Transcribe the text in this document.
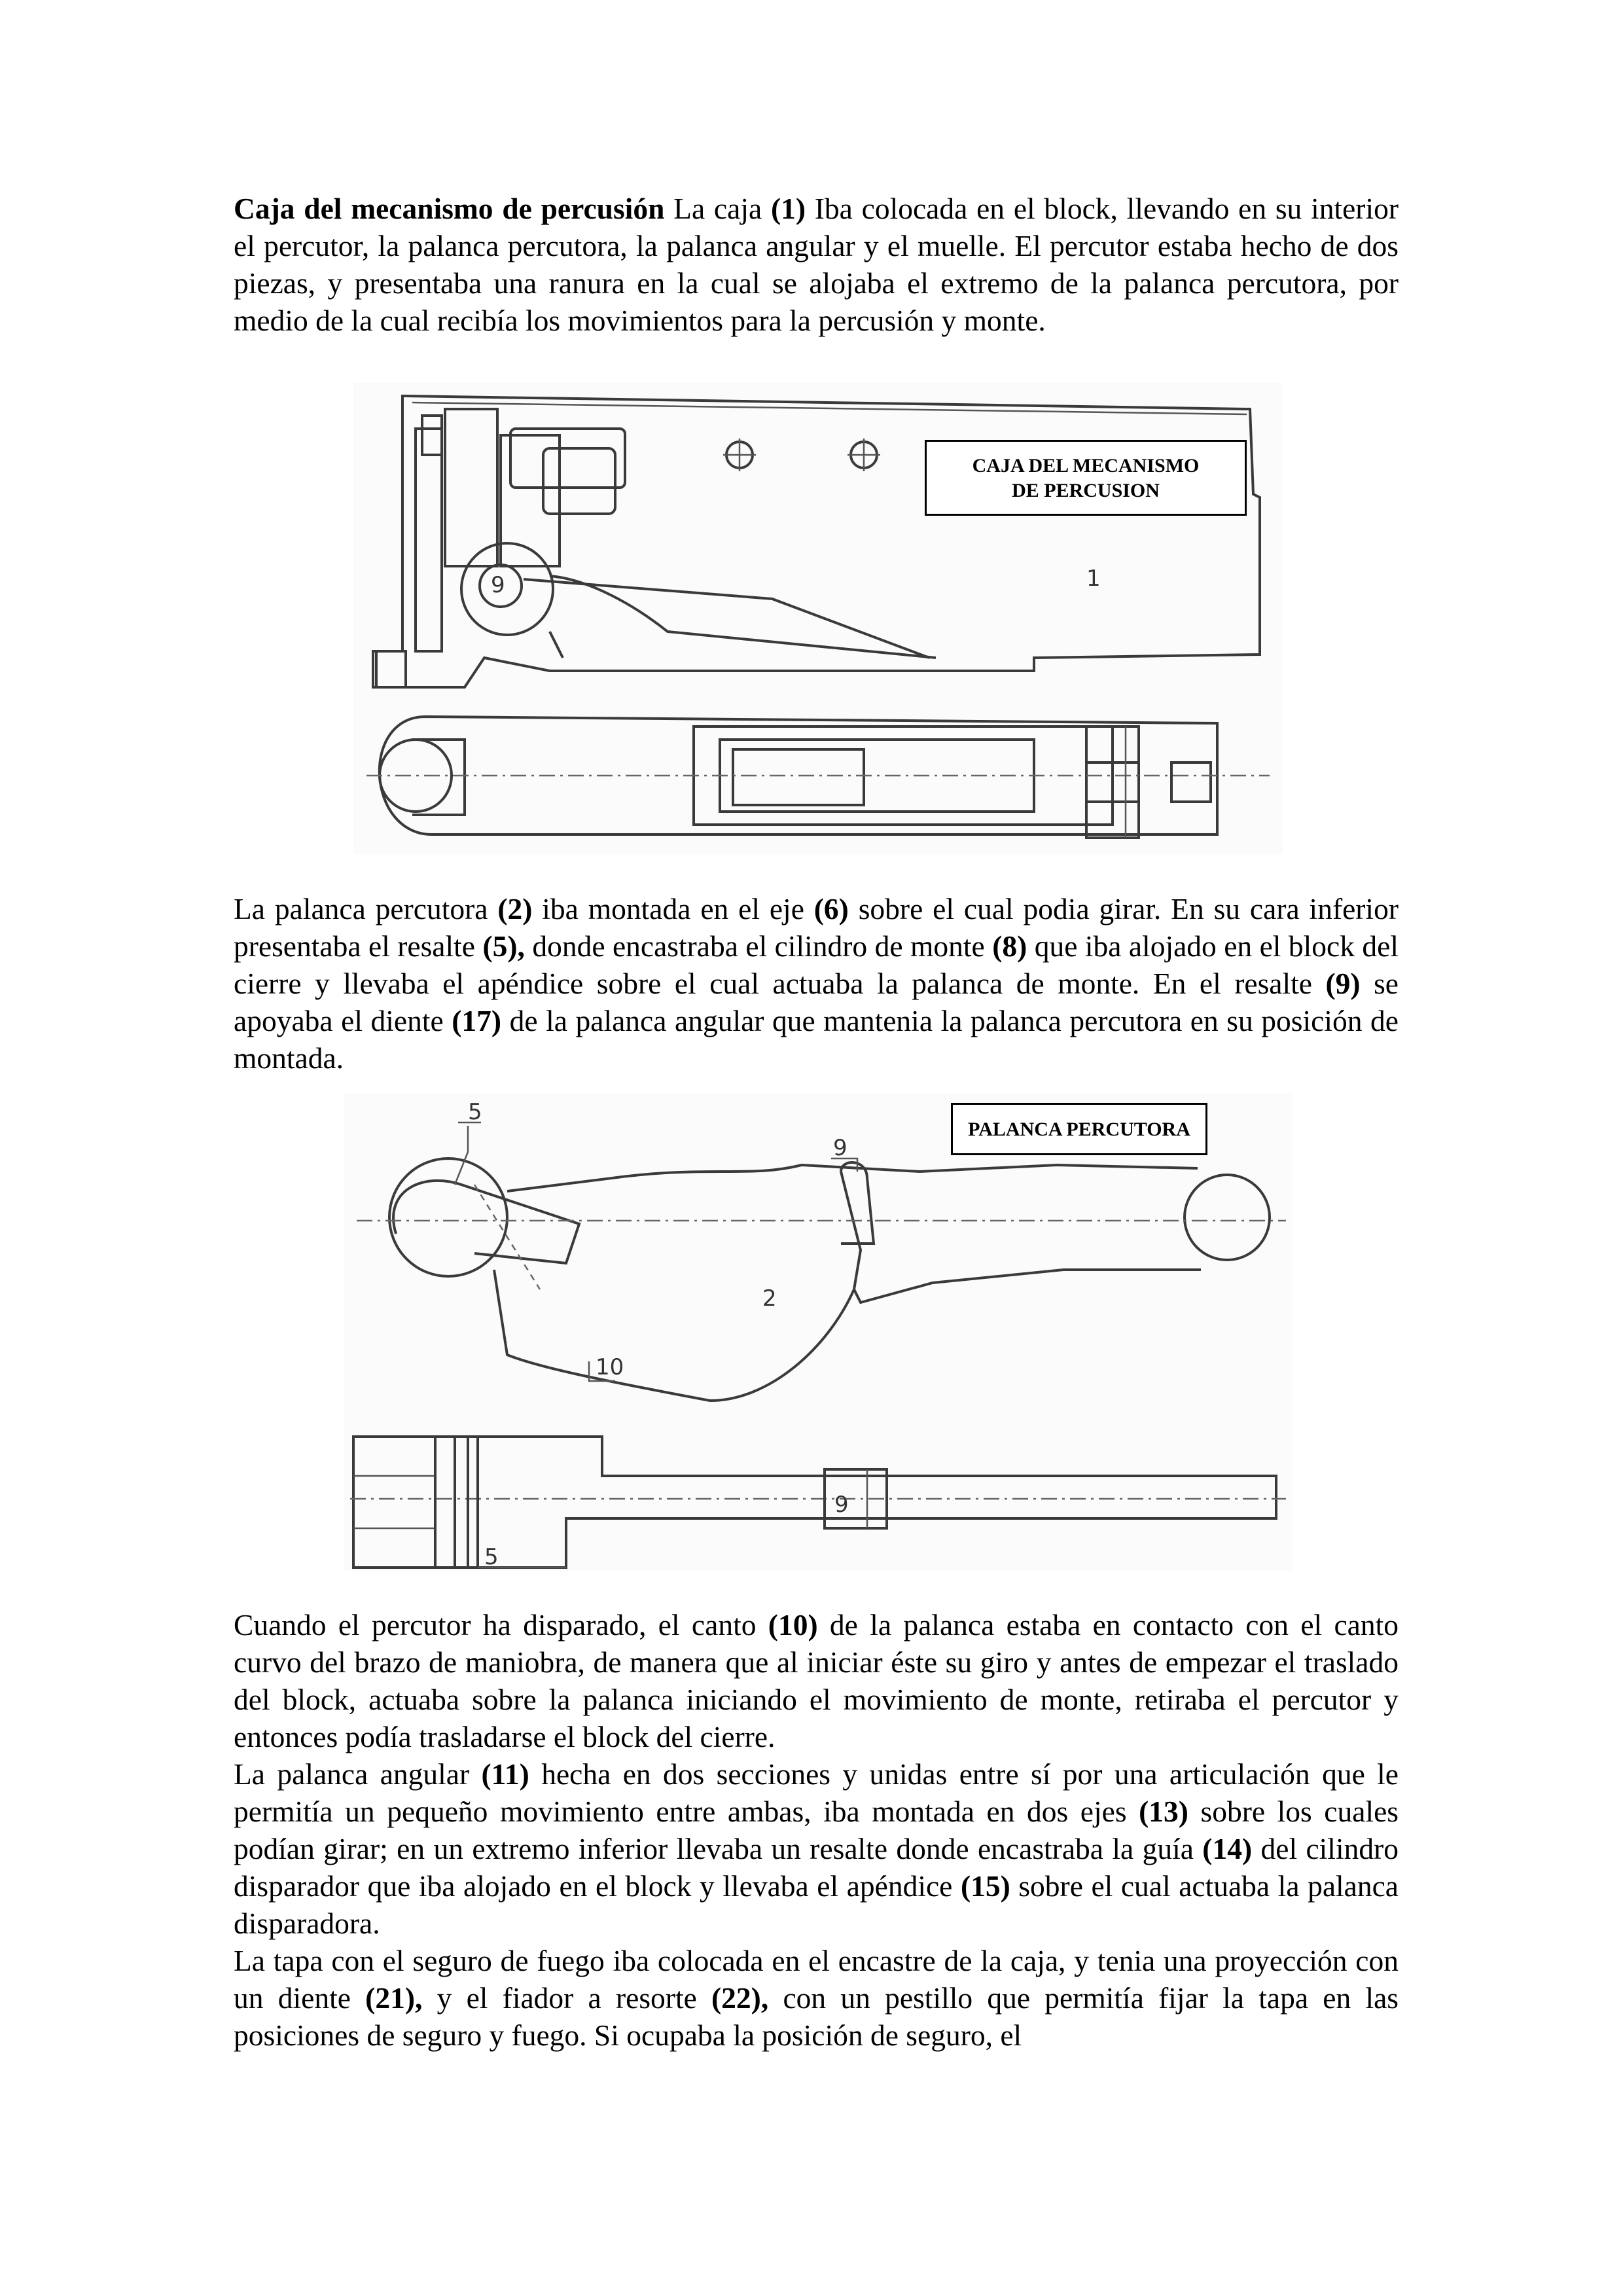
Caja del mecanismo de percusión La caja (1) Iba colocada en el block, llevando en su interior el percutor, la palanca percutora, la palanca angular y el muelle. El percutor estaba hecho de dos piezas, y presentaba una ranura en la cual se alojaba el extremo de la palanca percutora, por medio de la cual recibía los movimientos para la percusión y monte.

9	1
CAJA DEL MECANISMO
DE PERCUSION

La palanca percutora (2) iba montada en el eje (6) sobre el cual podia girar. En su cara inferior presentaba el resalte (5), donde encastraba el cilindro de monte (8) que iba alojado en el block del cierre y llevaba el apéndice sobre el cual actuaba la palanca de monte. En el resalte (9) se apoyaba el diente (17) de la palanca angular que mantenia la palanca percutora en su posición de montada.

5
9
2
10
9
5
PALANCA PERCUTORA

Cuando el percutor ha disparado, el canto (10) de la palanca estaba en contacto con el canto curvo del brazo de maniobra, de manera que al iniciar éste su giro y antes de empezar el traslado del block, actuaba sobre la palanca iniciando el movimiento de monte, retiraba el percutor y entonces podía trasladarse el block del cierre.

La palanca angular (11) hecha en dos secciones y unidas entre sí por una articulación que le permitía un pequeño movimiento entre ambas, iba montada en dos ejes (13) sobre los cuales podían girar; en un extremo inferior llevaba un resalte donde encastraba la guía (14) del cilindro disparador que iba alojado en el block y llevaba el apéndice (15) sobre el cual actuaba la palanca disparadora.

La tapa con el seguro de fuego iba colocada en el encastre de la caja, y tenia una proyección con un diente (21), y el fiador a resorte (22), con un pestillo que permitía fijar la tapa en las posiciones de seguro y fuego. Si ocupaba la posición de seguro, el
